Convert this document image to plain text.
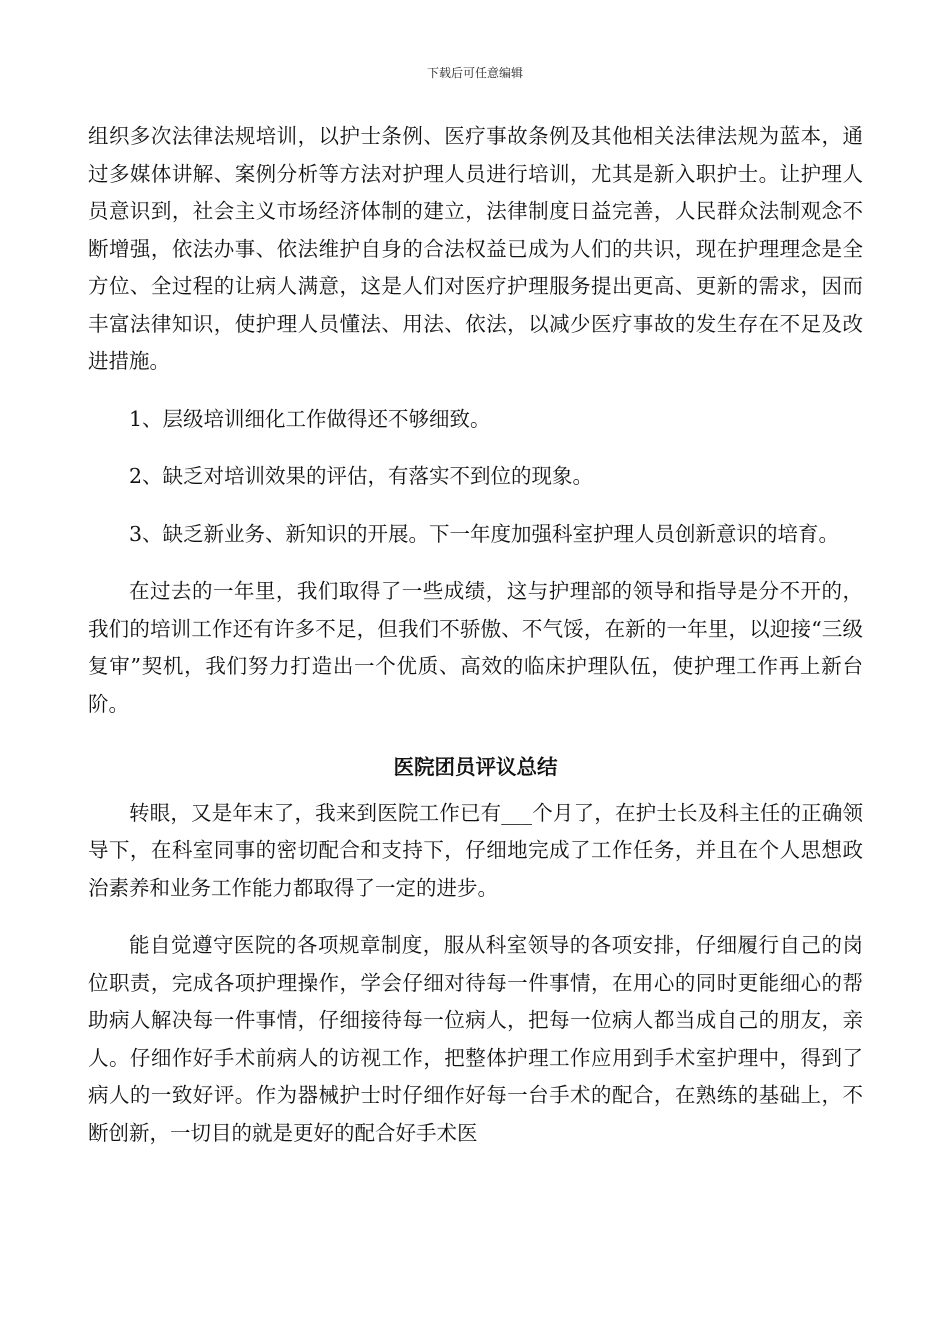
下载后可任意编辑

组织多次法律法规培训，以护士条例、医疗事故条例及其他相关法律法规为蓝本，通过多媒体讲解、案例分析等方法对护理人员进行培训，尤其是新入职护士。让护理人员意识到，社会主义市场经济体制的建立，法律制度日益完善，人民群众法制观念不断增强，依法办事、依法维护自身的合法权益已成为人们的共识，现在护理理念是全方位、全过程的让病人满意，这是人们对医疗护理服务提出更高、更新的需求，因而丰富法律知识，使护理人员懂法、用法、依法，以减少医疗事故的发生存在不足及改进措施。

1、层级培训细化工作做得还不够细致。

2、缺乏对培训效果的评估，有落实不到位的现象。

3、缺乏新业务、新知识的开展。下一年度加强科室护理人员创新意识的培育。

在过去的一年里，我们取得了一些成绩，这与护理部的领导和指导是分不开的，我们的培训工作还有许多不足，但我们不骄傲、不气馁，在新的一年里，以迎接“三级复审”契机，我们努力打造出一个优质、高效的临床护理队伍，使护理工作再上新台阶。

医院团员评议总结

转眼，又是年末了，我来到医院工作已有___个月了，在护士长及科主任的正确领导下，在科室同事的密切配合和支持下，仔细地完成了工作任务，并且在个人思想政治素养和业务工作能力都取得了一定的进步。

能自觉遵守医院的各项规章制度，服从科室领导的各项安排，仔细履行自己的岗位职责，完成各项护理操作，学会仔细对待每一件事情，在用心的同时更能细心的帮助病人解决每一件事情，仔细接待每一位病人，把每一位病人都当成自己的朋友，亲人。仔细作好手术前病人的访视工作，把整体护理工作应用到手术室护理中，得到了病人的一致好评。作为器械护士时仔细作好每一台手术的配合，在熟练的基础上，不断创新，一切目的就是更好的配合好手术医
